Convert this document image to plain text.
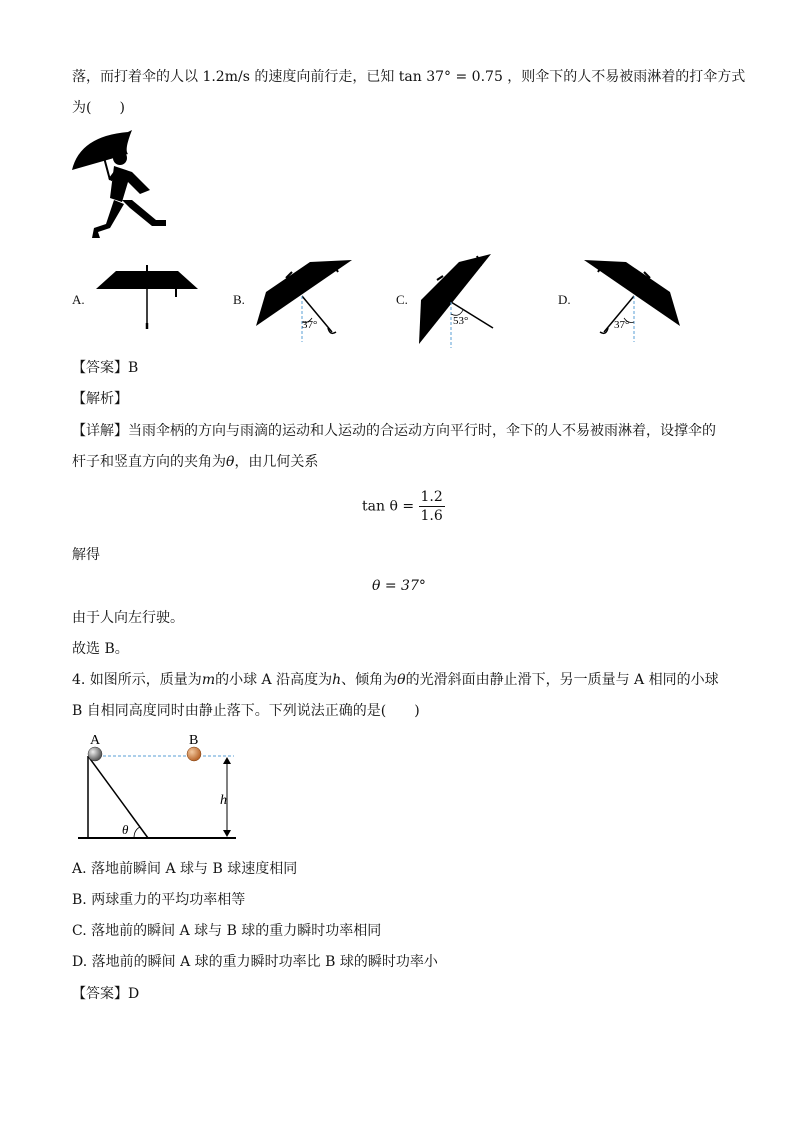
落，而打着伞的人以 1.2m/s 的速度向前行走，已知 tan 37° = 0.75 ，则伞下的人不易被雨淋着的打伞方式
为(　　)
A.	B.
37°
C.
53°
D.
37°
【答案】B
【解析】
【详解】当雨伞柄的方向与雨滴的运动和人运动的合运动方向平行时，伞下的人不易被雨淋着，设撑伞的
杆子和竖直方向的夹角为θ，由几何关系
$\tan \theta = \frac{1.2}{1.6}$
解得
θ = 37°
由于人向左行驶。
故选 B。
4. 如图所示，质量为m的小球 A 沿高度为h、倾角为θ的光滑斜面由静止滑下，另一质量与 A 相同的小球
B 自相同高度同时由静止落下。下列说法正确的是(　　)
A	B
h
θ
A. 落地前瞬间 A 球与 B 球速度相同
B. 两球重力的平均功率相等
C. 落地前的瞬间 A 球与 B 球的重力瞬时功率相同
D. 落地前的瞬间 A 球的重力瞬时功率比 B 球的瞬时功率小
【答案】D
